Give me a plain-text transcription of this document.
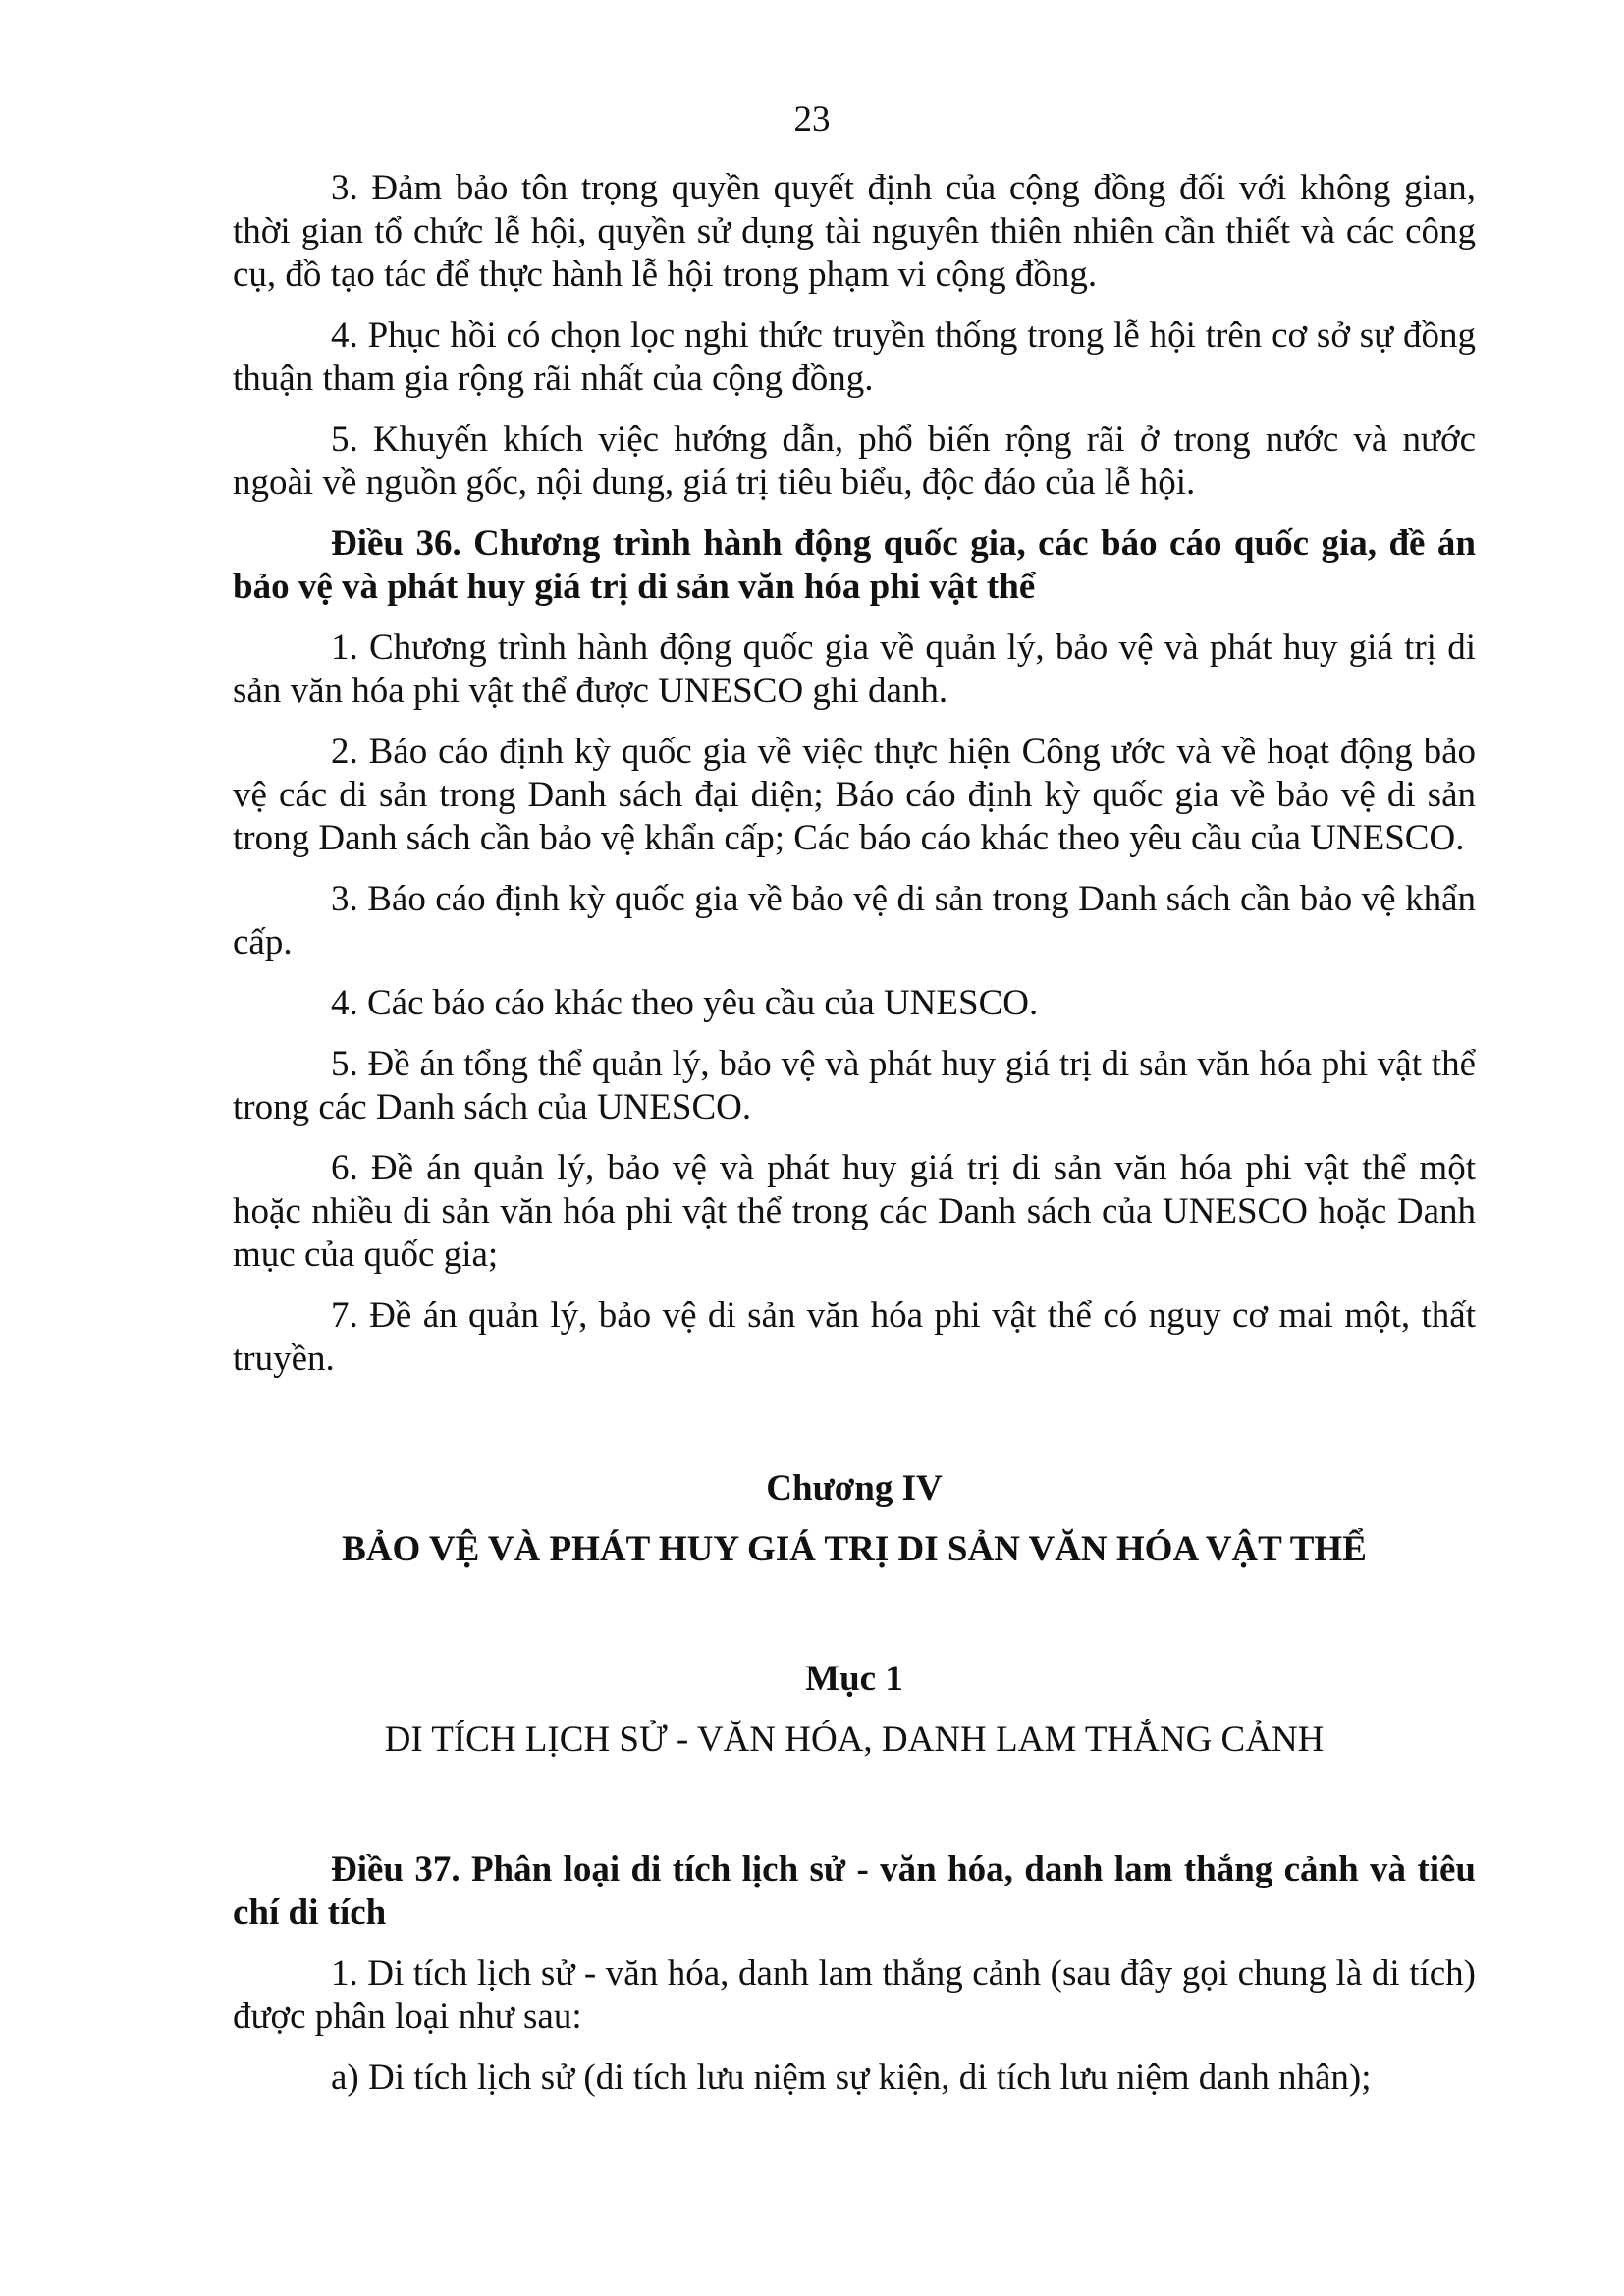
23

3. Đảm bảo tôn trọng quyền quyết định của cộng đồng đối với không gian, thời gian tổ chức lễ hội, quyền sử dụng tài nguyên thiên nhiên cần thiết và các công cụ, đồ tạo tác để thực hành lễ hội trong phạm vi cộng đồng.

4. Phục hồi có chọn lọc nghi thức truyền thống trong lễ hội trên cơ sở sự đồng thuận tham gia rộng rãi nhất của cộng đồng.

5. Khuyến khích việc hướng dẫn, phổ biến rộng rãi ở trong nước và nước ngoài về nguồn gốc, nội dung, giá trị tiêu biểu, độc đáo của lễ hội.

Điều 36. Chương trình hành động quốc gia, các báo cáo quốc gia, đề án bảo vệ và phát huy giá trị di sản văn hóa phi vật thể

1. Chương trình hành động quốc gia về quản lý, bảo vệ và phát huy giá trị di sản văn hóa phi vật thể được UNESCO ghi danh.

2. Báo cáo định kỳ quốc gia về việc thực hiện Công ước và về hoạt động bảo vệ các di sản trong Danh sách đại diện; Báo cáo định kỳ quốc gia về bảo vệ di sản trong Danh sách cần bảo vệ khẩn cấp; Các báo cáo khác theo yêu cầu của UNESCO.

3. Báo cáo định kỳ quốc gia về bảo vệ di sản trong Danh sách cần bảo vệ khẩn cấp.

4. Các báo cáo khác theo yêu cầu của UNESCO.

5. Đề án tổng thể quản lý, bảo vệ và phát huy giá trị di sản văn hóa phi vật thể trong các Danh sách của UNESCO.

6. Đề án quản lý, bảo vệ và phát huy giá trị di sản văn hóa phi vật thể một hoặc nhiều di sản văn hóa phi vật thể trong các Danh sách của UNESCO hoặc Danh mục của quốc gia;

7. Đề án quản lý, bảo vệ di sản văn hóa phi vật thể có nguy cơ mai một, thất truyền.

Chương IV

BẢO VỆ VÀ PHÁT HUY GIÁ TRỊ DI SẢN VĂN HÓA VẬT THỂ

Mục 1

DI TÍCH LỊCH SỬ - VĂN HÓA, DANH LAM THẮNG CẢNH

Điều 37. Phân loại di tích lịch sử - văn hóa, danh lam thắng cảnh và tiêu chí di tích

1. Di tích lịch sử - văn hóa, danh lam thắng cảnh (sau đây gọi chung là di tích) được phân loại như sau:

a) Di tích lịch sử (di tích lưu niệm sự kiện, di tích lưu niệm danh nhân);
